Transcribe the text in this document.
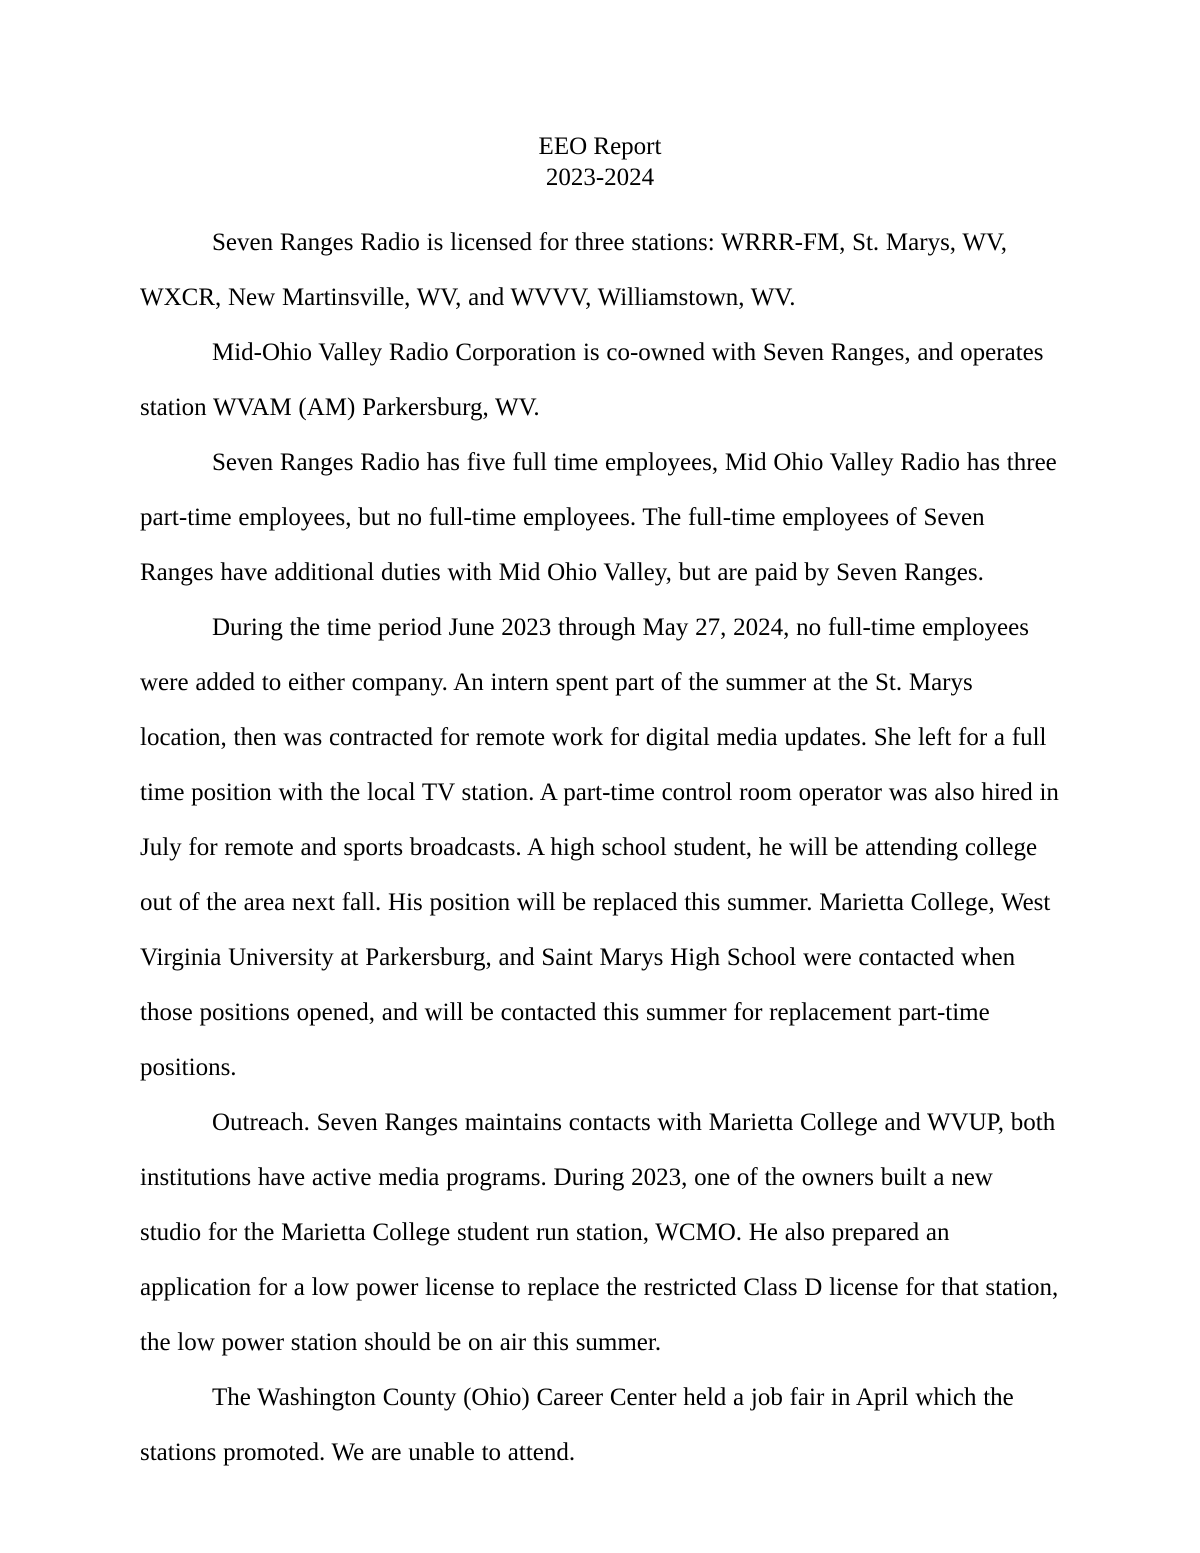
EEO Report
2023-2024

Seven Ranges Radio is licensed for three stations: WRRR-FM, St. Marys, WV, WXCR, New Martinsville, WV, and WVVV, Williamstown, WV.

Mid-Ohio Valley Radio Corporation is co-owned with Seven Ranges, and operates station WVAM (AM) Parkersburg, WV.

Seven Ranges Radio has five full time employees, Mid Ohio Valley Radio has three part-time employees, but no full-time employees. The full-time employees of Seven Ranges have additional duties with Mid Ohio Valley, but are paid by Seven Ranges.

During the time period June 2023 through May 27, 2024, no full-time employees were added to either company. An intern spent part of the summer at the St. Marys location, then was contracted for remote work for digital media updates. She left for a full time position with the local TV station. A part-time control room operator was also hired in July for remote and sports broadcasts. A high school student, he will be attending college out of the area next fall. His position will be replaced this summer. Marietta College, West Virginia University at Parkersburg, and Saint Marys High School were contacted when those positions opened, and will be contacted this summer for replacement part-time positions.

Outreach. Seven Ranges maintains contacts with Marietta College and WVUP, both institutions have active media programs. During 2023, one of the owners built a new studio for the Marietta College student run station, WCMO. He also prepared an application for a low power license to replace the restricted Class D license for that station, the low power station should be on air this summer.

The Washington County (Ohio) Career Center held a job fair in April which the stations promoted. We are unable to attend.
